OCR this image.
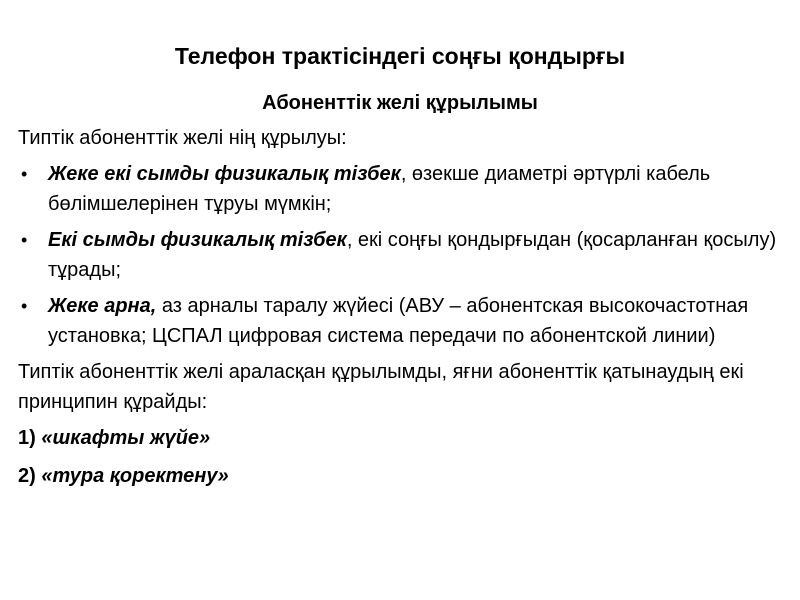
Телефон трактісіндегі соңғы қондырғы
Абоненттік желі құрылымы
Типтік абоненттік желі нің құрылуы:
• Жеке екі сымды физикалық тізбек, өзекше диаметрі әртүрлі кабель бөлімшелерінен тұруы мүмкін;
• Екі сымды физикалық тізбек, екі соңғы қондырғыдан (қосарланған қосылу) тұрады;
• Жеке арна, аз арналы таралу жүйесі (АВУ – абонентская высокочастотная установка; ЦСПАЛ цифровая система передачи по абонентской линии)
Типтік абоненттік желі араласқан құрылымды, яғни абоненттік қатынаудың екі принципин құрайды:
1) «шкафты жүйе»
2) «тура қоректену»
